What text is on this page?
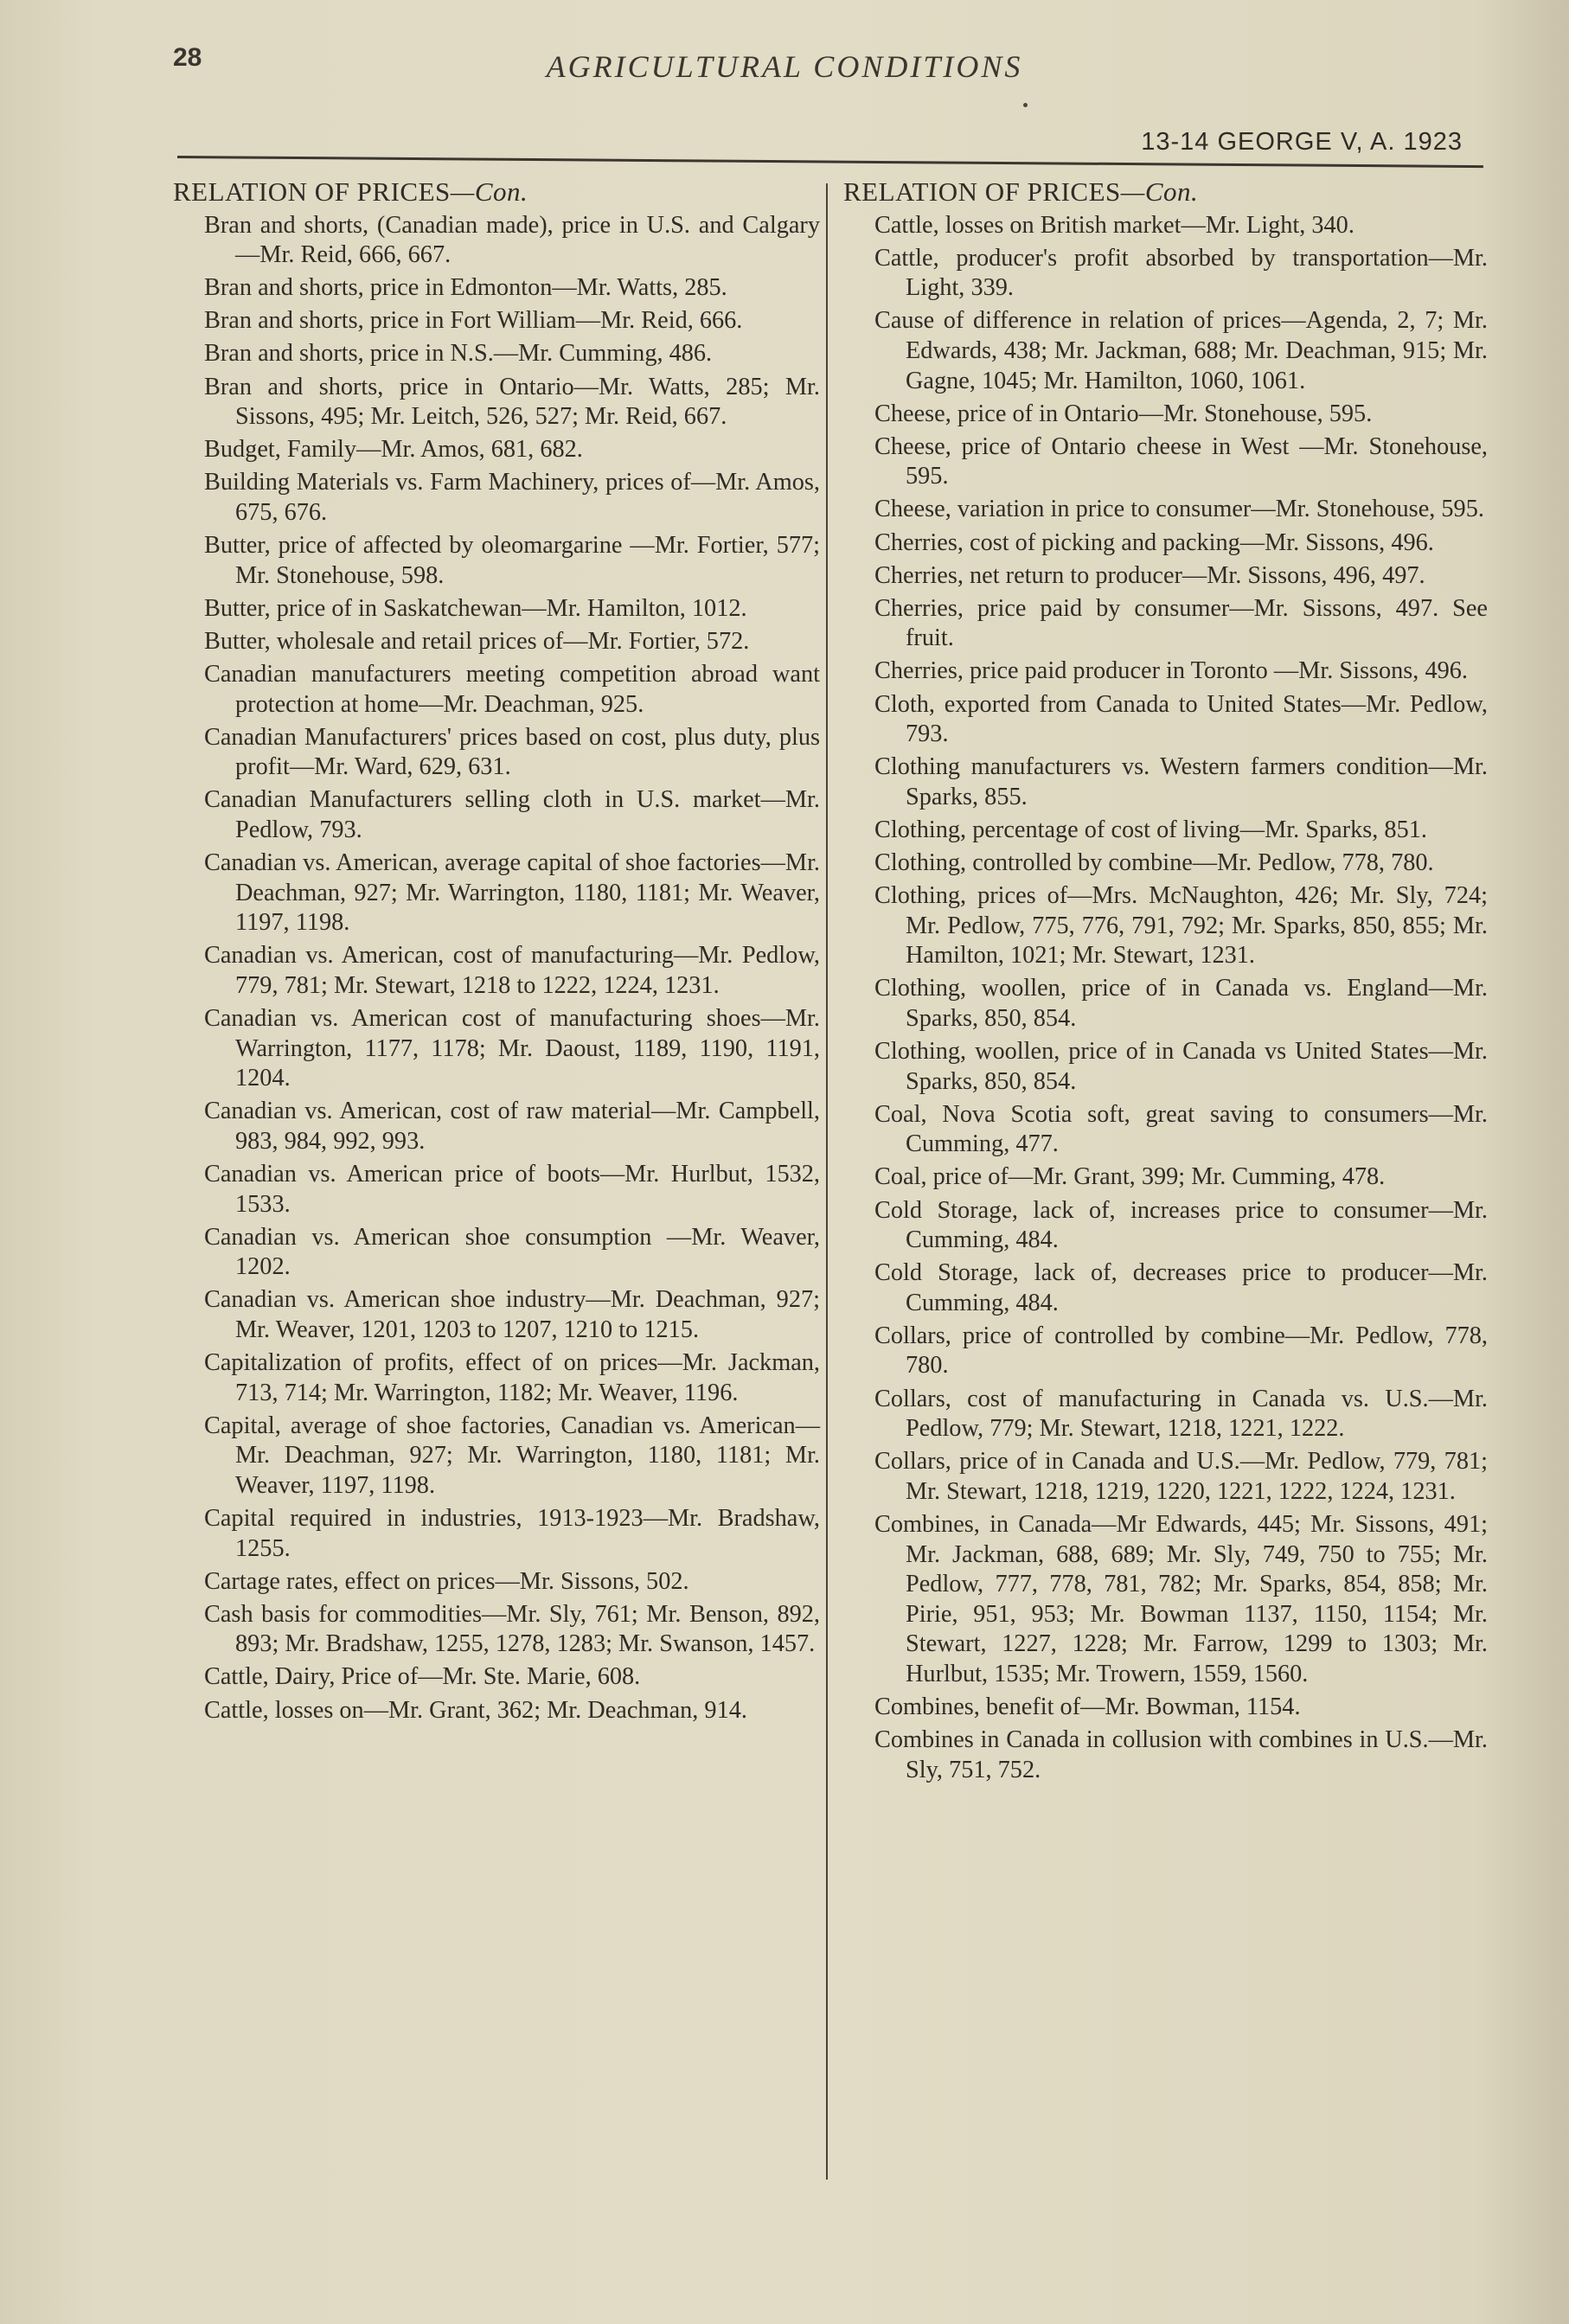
28	AGRICULTURAL CONDITIONS
13-14 GEORGE V, A. 1923
RELATION OF PRICES—Con.
Bran and shorts, (Canadian made), price in U.S. and Calgary—Mr. Reid, 666, 667.
Bran and shorts, price in Edmonton—Mr. Watts, 285.
Bran and shorts, price in Fort William—Mr. Reid, 666.
Bran and shorts, price in N.S.—Mr. Cumming, 486.
Bran and shorts, price in Ontario—Mr. Watts, 285; Mr. Sissons, 495; Mr. Leitch, 526, 527; Mr. Reid, 667.
Budget, Family—Mr. Amos, 681, 682.
Building Materials vs. Farm Machinery, prices of—Mr. Amos, 675, 676.
Butter, price of affected by oleomargarine —Mr. Fortier, 577; Mr. Stonehouse, 598.
Butter, price of in Saskatchewan—Mr. Hamilton, 1012.
Butter, wholesale and retail prices of—Mr. Fortier, 572.
Canadian manufacturers meeting competition abroad want protection at home—Mr. Deachman, 925.
Canadian Manufacturers' prices based on cost, plus duty, plus profit—Mr. Ward, 629, 631.
Canadian Manufacturers selling cloth in U.S. market—Mr. Pedlow, 793.
Canadian vs. American, average capital of shoe factories—Mr. Deachman, 927; Mr. Warrington, 1180, 1181; Mr. Weaver, 1197, 1198.
Canadian vs. American, cost of manufacturing—Mr. Pedlow, 779, 781; Mr. Stewart, 1218 to 1222, 1224, 1231.
Canadian vs. American cost of manufacturing shoes—Mr. Warrington, 1177, 1178; Mr. Daoust, 1189, 1190, 1191, 1204.
Canadian vs. American, cost of raw material—Mr. Campbell, 983, 984, 992, 993.
Canadian vs. American price of boots—Mr. Hurlbut, 1532, 1533.
Canadian vs. American shoe consumption —Mr. Weaver, 1202.
Canadian vs. American shoe industry—Mr. Deachman, 927; Mr. Weaver, 1201, 1203 to 1207, 1210 to 1215.
Capitalization of profits, effect of on prices—Mr. Jackman, 713, 714; Mr. Warrington, 1182; Mr. Weaver, 1196.
Capital, average of shoe factories, Canadian vs. American—Mr. Deachman, 927; Mr. Warrington, 1180, 1181; Mr. Weaver, 1197, 1198.
Capital required in industries, 1913-1923—Mr. Bradshaw, 1255.
Cartage rates, effect on prices—Mr. Sissons, 502.
Cash basis for commodities—Mr. Sly, 761; Mr. Benson, 892, 893; Mr. Bradshaw, 1255, 1278, 1283; Mr. Swanson, 1457.
Cattle, Dairy, Price of—Mr. Ste. Marie, 608.
Cattle, losses on—Mr. Grant, 362; Mr. Deachman, 914.
RELATION OF PRICES—Con.
Cattle, losses on British market—Mr. Light, 340.
Cattle, producer's profit absorbed by transportation—Mr. Light, 339.
Cause of difference in relation of prices—Agenda, 2, 7; Mr. Edwards, 438; Mr. Jackman, 688; Mr. Deachman, 915; Mr. Gagne, 1045; Mr. Hamilton, 1060, 1061.
Cheese, price of in Ontario—Mr. Stonehouse, 595.
Cheese, price of Ontario cheese in West —Mr. Stonehouse, 595.
Cheese, variation in price to consumer—Mr. Stonehouse, 595.
Cherries, cost of picking and packing—Mr. Sissons, 496.
Cherries, net return to producer—Mr. Sissons, 496, 497.
Cherries, price paid by consumer—Mr. Sissons, 497. See fruit.
Cherries, price paid producer in Toronto —Mr. Sissons, 496.
Cloth, exported from Canada to United States—Mr. Pedlow, 793.
Clothing manufacturers vs. Western farmers condition—Mr. Sparks, 855.
Clothing, percentage of cost of living—Mr. Sparks, 851.
Clothing, controlled by combine—Mr. Pedlow, 778, 780.
Clothing, prices of—Mrs. McNaughton, 426; Mr. Sly, 724; Mr. Pedlow, 775, 776, 791, 792; Mr. Sparks, 850, 855; Mr. Hamilton, 1021; Mr. Stewart, 1231.
Clothing, woollen, price of in Canada vs. England—Mr. Sparks, 850, 854.
Clothing, woollen, price of in Canada vs United States—Mr. Sparks, 850, 854.
Coal, Nova Scotia soft, great saving to consumers—Mr. Cumming, 477.
Coal, price of—Mr. Grant, 399; Mr. Cumming, 478.
Cold Storage, lack of, increases price to consumer—Mr. Cumming, 484.
Cold Storage, lack of, decreases price to producer—Mr. Cumming, 484.
Collars, price of controlled by combine—Mr. Pedlow, 778, 780.
Collars, cost of manufacturing in Canada vs. U.S.—Mr. Pedlow, 779; Mr. Stewart, 1218, 1221, 1222.
Collars, price of in Canada and U.S.—Mr. Pedlow, 779, 781; Mr. Stewart, 1218, 1219, 1220, 1221, 1222, 1224, 1231.
Combines, in Canada—Mr Edwards, 445; Mr. Sissons, 491; Mr. Jackman, 688, 689; Mr. Sly, 749, 750 to 755; Mr. Pedlow, 777, 778, 781, 782; Mr. Sparks, 854, 858; Mr. Pirie, 951, 953; Mr. Bowman 1137, 1150, 1154; Mr. Stewart, 1227, 1228; Mr. Farrow, 1299 to 1303; Mr. Hurlbut, 1535; Mr. Trowern, 1559, 1560.
Combines, benefit of—Mr. Bowman, 1154.
Combines in Canada in collusion with combines in U.S.—Mr. Sly, 751, 752.
